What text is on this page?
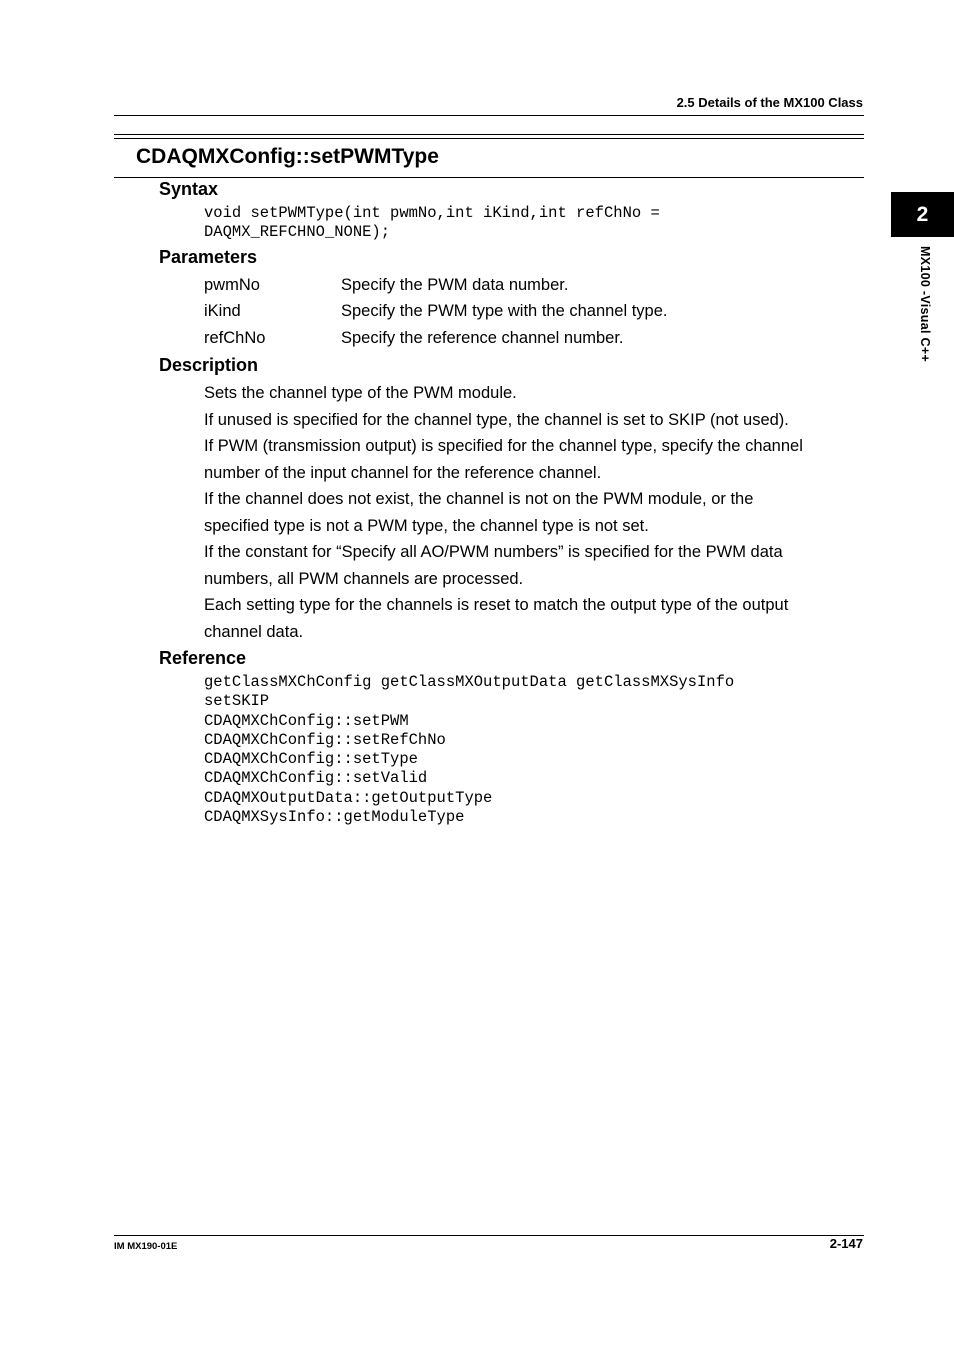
2.5 Details of the MX100 Class
CDAQMXConfig::setPWMType
2
MX100 -Visual C++
Syntax
void setPWMType(int pwmNo,int iKind,int refChNo =
DAQMX_REFCHNO_NONE);
Parameters
pwmNo	Specify the PWM data number.
iKind	Specify the PWM type with the channel type.
refChNo	Specify the reference channel number.
Description
Sets the channel type of the PWM module.
If unused is specified for the channel type, the channel is set to SKIP (not used).
If PWM (transmission output) is specified for the channel type, specify the channel
number of the input channel for the reference channel.
If the channel does not exist, the channel is not on the PWM module, or the
specified type is not a PWM type, the channel type is not set.
If the constant for “Specify all AO/PWM numbers” is specified for the PWM data
numbers, all PWM channels are processed.
Each setting type for the channels is reset to match the output type of the output
channel data.
Reference
getClassMXChConfig getClassMXOutputData getClassMXSysInfo
setSKIP
CDAQMXChConfig::setPWM
CDAQMXChConfig::setRefChNo
CDAQMXChConfig::setType
CDAQMXChConfig::setValid
CDAQMXOutputData::getOutputType
CDAQMXSysInfo::getModuleType
IM MX190-01E	2-147
